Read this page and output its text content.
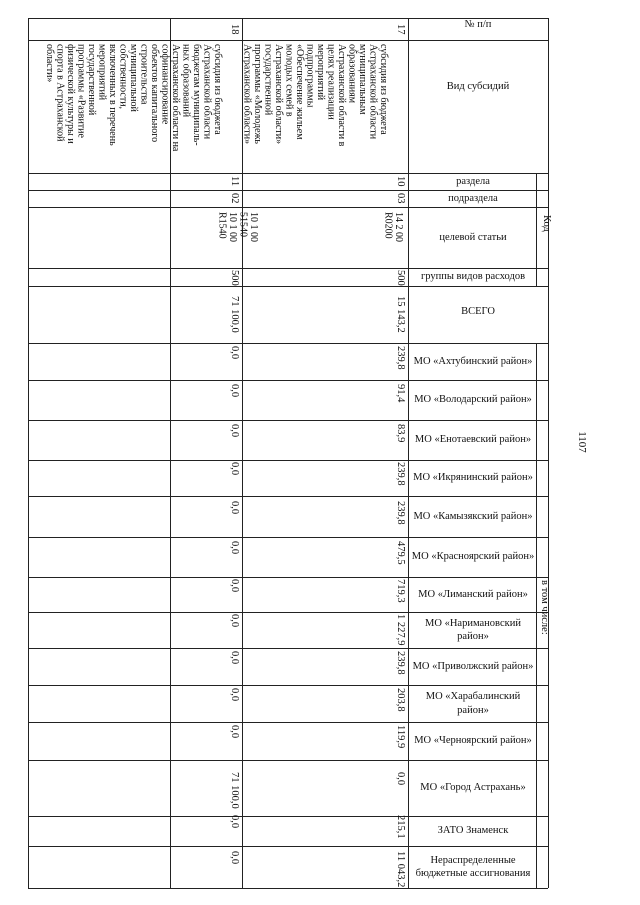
1107
№ п/п
Вид субсидий
раздела
подраздела
целевой статьи
группы видов расходов
Код
ВСЕГО
в том числе:
МО «Ахтубинский район»
МО «Володарский район»
МО «Енотаевский район»
МО «Икрянинский район»
МО «Камызякский район»
МО «Красноярский район»
МО «Лиманский район»
МО «Наримановский район»
МО «Приволжский район»
МО «Харабалинский район»
МО «Черноярский район»
МО «Город Астрахань»
ЗАТО Знаменск
Нераспределенные бюджетные ассигнования
17
субсидия из бюджета
Астраханской области
муниципальным
образованиям
Астраханской области в
целях реализации
мероприятий
подпрограммы
«Обеспечение жильем
молодых семей в
Астраханской области»
государственной
программы «Молодежь
Астраханской области»
10
03
14 2 00 R0200
500
15 143,2
239,8
91,4
83,9
239,8
239,8
479,5
719,3
1 227,9
239,8
203,8
119,9
0,0
215,1
11 043,2
18
субсидия из бюджета
Астраханской области
бюджетам муниципаль-
ных образований
Астраханской области на
софинансирование
объектов капитального
строительства
муниципальной
собственности,
включенных в перечень
мероприятий
государственной
программы «Развитие
физической культуры и
спорта в Астраханской
области»
11
02
10 1 00 51540
10 1 00 R1540
500
71 100,0
0,0
0,0
0,0
0,0
0,0
0,0
0,0
0,0
0,0
0,0
0,0
71 100,0
0,0
0,0
